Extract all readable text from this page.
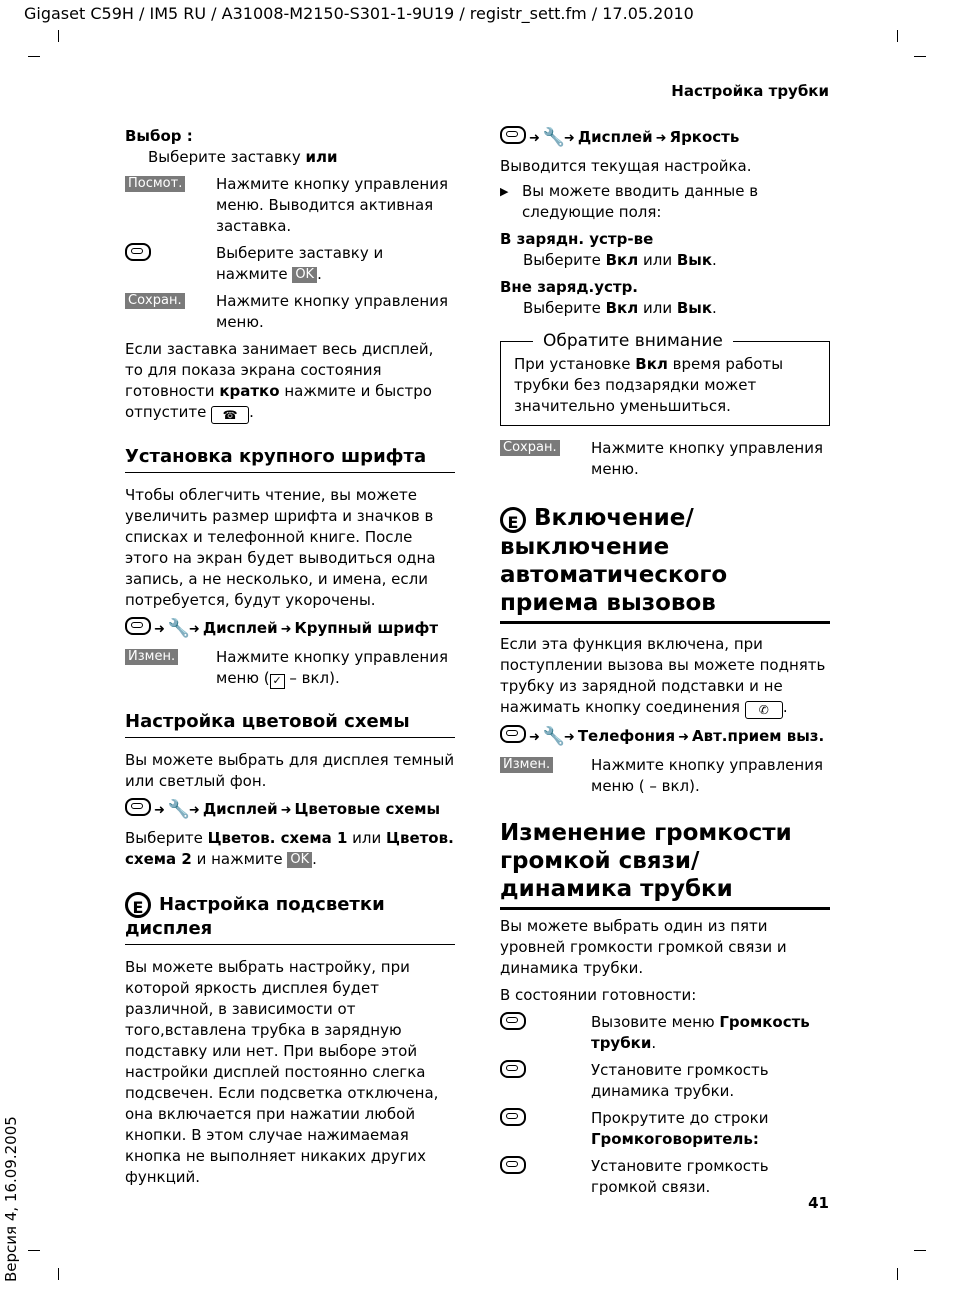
Gigaset C59H / IM5 RU / A31008-M2150-S301-1-9U19 / registr_sett.fm / 17.05.2010
Настройка трубки
Версия 4, 16.09.2005	41

Выбор :

Выберите заставку или

Посмот.	Нажмите кнопку управления меню. Выводится активная заставка.
Выберите заставку и нажмите OK .
Сохран.	Нажмите кнопку управления меню.

Если заставка занимает весь дисплей, то для показа экрана состояния готовности кратко нажмите и быстро отпустите ☎ .

Установка крупного шрифта

Чтобы облегчить чтение, вы можете увеличить размер шрифта и значков в списках и телефонной книге. После этого на экран будет выводиться одна запись, а не несколько, и имена, если потребуется, будут укорочены.

➜ 🔧➜ Дисплей ➜ Крупный шрифт

Измен.	Нажмите кнопку управления меню ( ✓ – вкл).
Настройка цветовой схемы

Вы можете выбрать для дисплея темный или светлый фон.

➜ 🔧➜ Дисплей ➜ Цветовые схемы

Выберите Цветов. схема 1 или Цветов. схема 2 и нажмите OK .

E Настройка подсветки дисплея

Вы можете выбрать настройку, при которой яркость дисплея будет различной, в зависимости от того,вставлена трубка в зарядную подставку или нет. При выборе этой настройки дисплей постоянно слегка подсвечен. Если подсветка отключена, она включается при нажатии любой кнопки. В этом случае нажимаемая кнопка не выполняет никаких других функций.

➜ 🔧➜ Дисплей ➜ Яркость

Выводится текущая настройка.

▶ Вы можете вводить данные в следующие поля:

В зарядн. устр-ве

Выберите Вкл или Вык.

Вне заряд.устр.

Выберите Вкл или Вык.

Обратите внимание

При установке Вкл время работы трубки без подзарядки может значительно уменьшиться.

Сохран.	Нажмите кнопку управления меню.
E Включение/выключение автоматического приема вызовов

Если эта функция включена, при поступлении вызова вы можете поднять трубку из зарядной подставки и не нажимать кнопку соединения ✆ .

➜ 🔧➜ Телефония ➜ Авт.прием выз.

Измен.	Нажмите кнопку управления меню ( – вкл).
Изменение громкости громкой связи/динамика трубки

Вы можете выбрать один из пяти уровней громкости громкой связи и динамика трубки.

В состоянии готовности:

Вызовите меню Громкость трубки.
Установите громкость динамика трубки.
Прокрутите до строки Громкоговоритель:
Установите громкость громкой связи.
